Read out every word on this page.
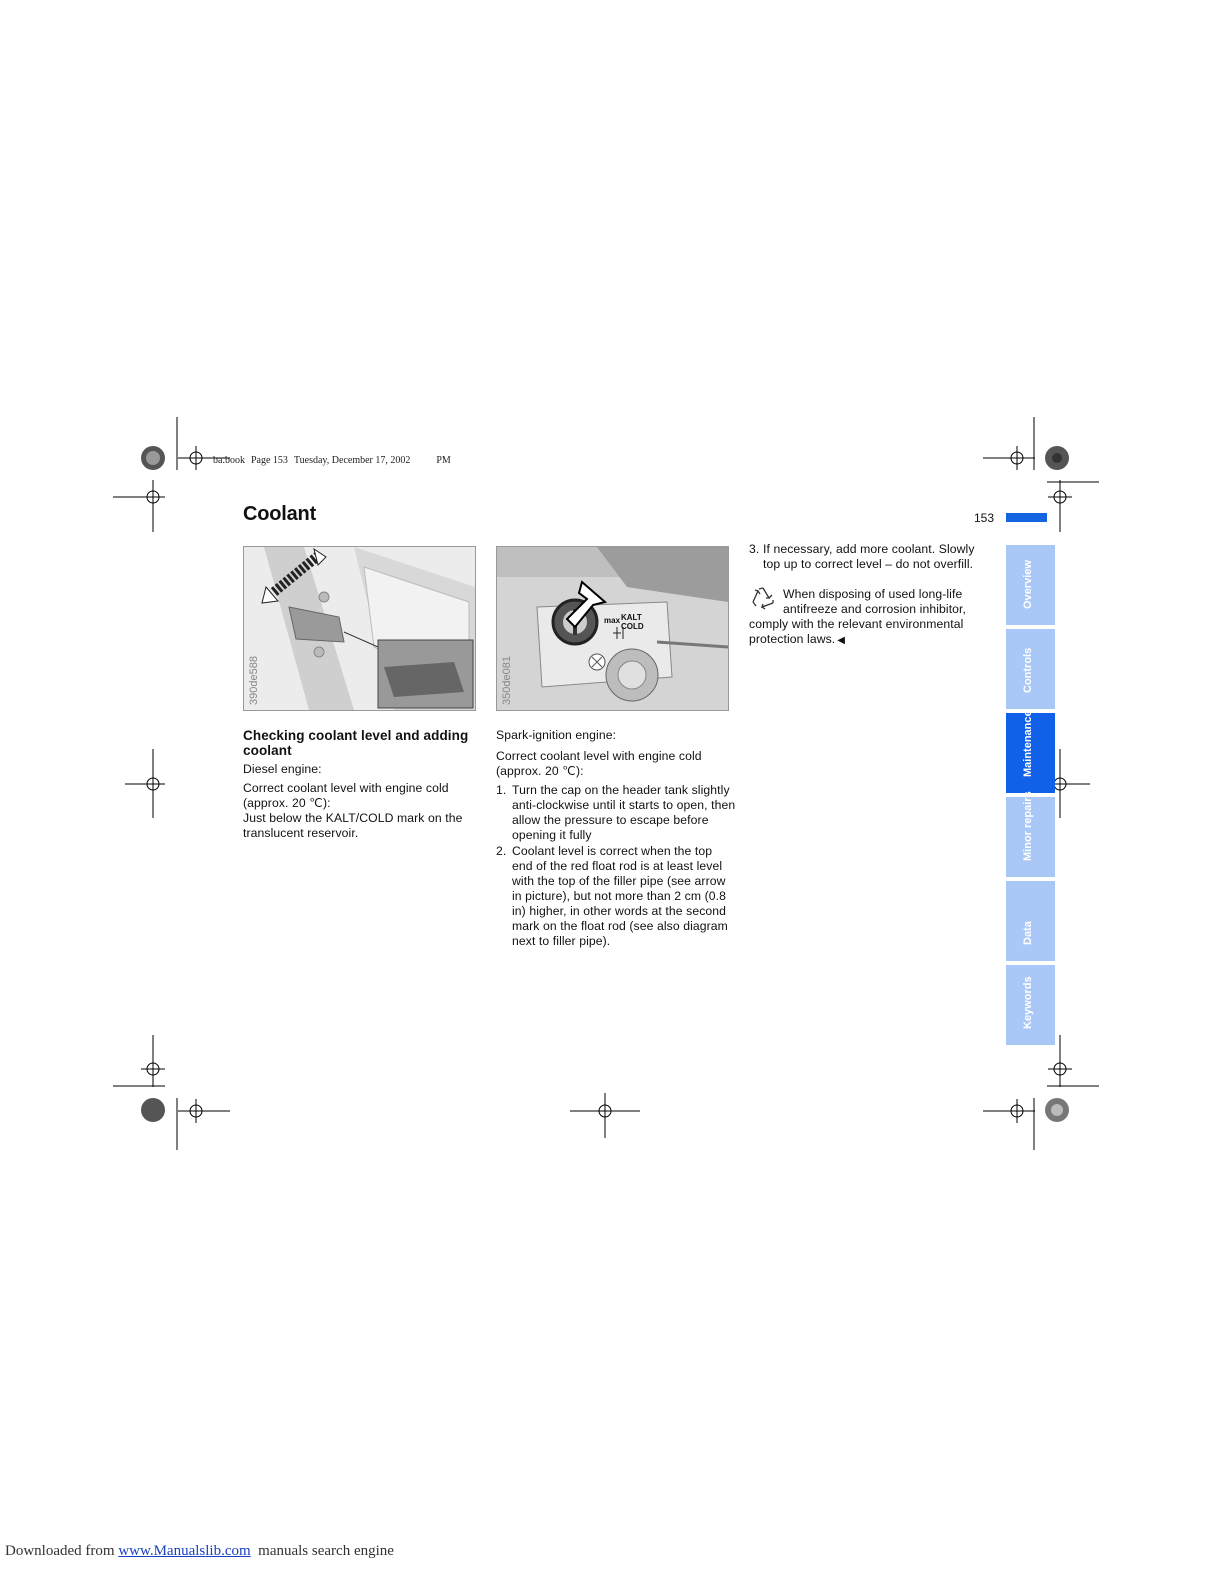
ba.book Page 153 Tuesday, December 17, 2002	PM
Coolant	153
390de588
max KALT
COLD
350de081
Checking coolant level and adding coolant

Diesel engine:

Correct coolant level with engine cold (approx. 20 ℃):

Just below the KALT/COLD mark on the translucent reservoir.

Spark-ignition engine:

Correct coolant level with engine cold (approx. 20 ℃):

1. Turn the cap on the header tank slightly anti-clockwise until it starts to open, then allow the pressure to escape before opening it fully
2. Coolant level is correct when the top end of the red float rod is at least level with the top of the filler pipe (see arrow in picture), but not more than 2 cm (0.8 in) higher, in other words at the second mark on the float rod (see also diagram next to filler pipe).
3. If necessary, add more coolant. Slowly top up to correct level – do not overfill.
When disposing of used long-life antifreeze and corrosion inhibitor, comply with the relevant environmental protection laws. ◀
Overview
Controls
Maintenance
Minor repairs
Data
Keywords
Downloaded from www.Manualslib.com manuals search engine
